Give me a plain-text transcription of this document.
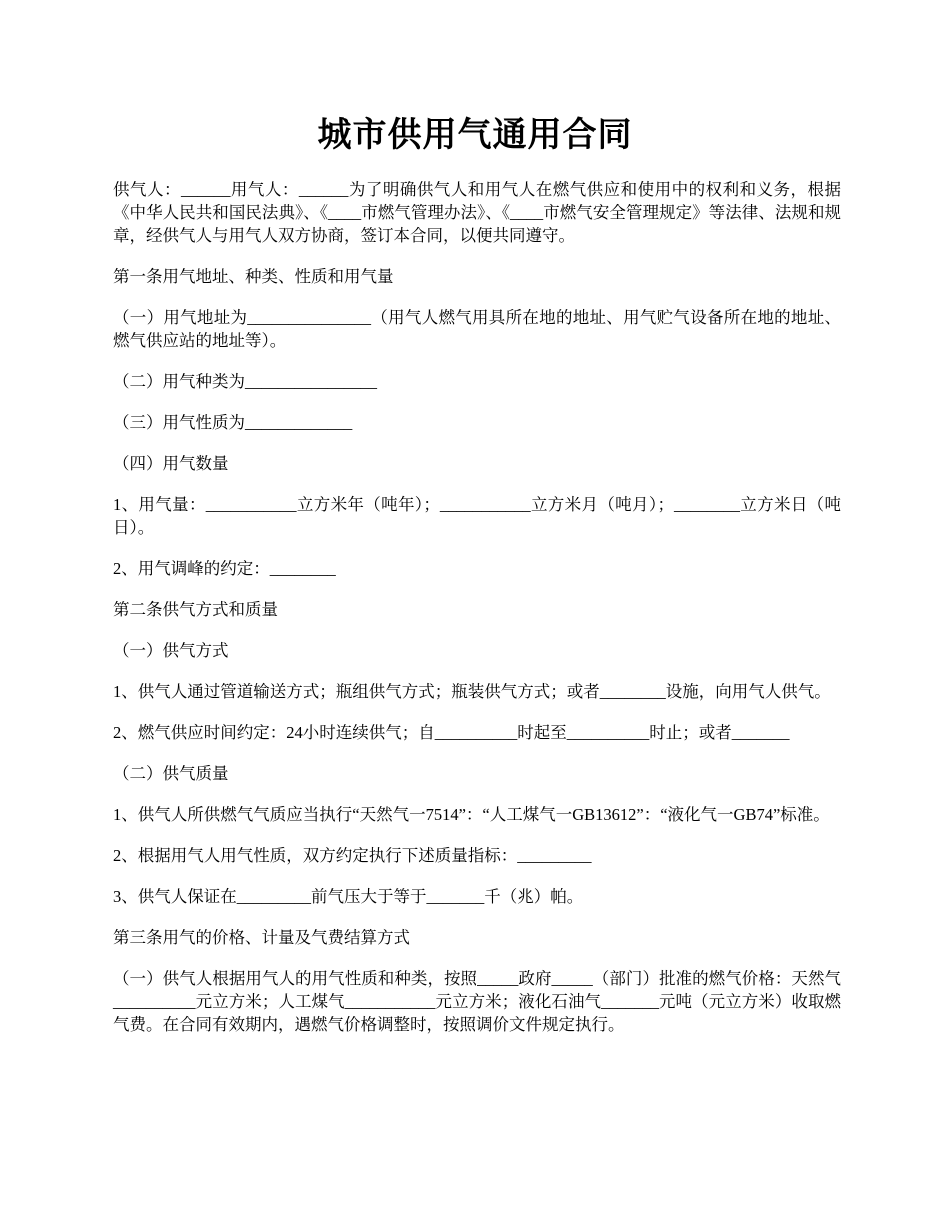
城市供用气通用合同

供气人：______用气人：______为了明确供气人和用气人在燃气供应和使用中的权利和义务，根据《中华人民共和国民法典》、《____市燃气管理办法》、《____市燃气安全管理规定》等法律、法规和规章，经供气人与用气人双方协商，签订本合同，以便共同遵守。

第一条用气地址、种类、性质和用气量

（一）用气地址为_______________（用气人燃气用具所在地的地址、用气贮气设备所在地的地址、燃气供应站的地址等）。

（二）用气种类为________________

（三）用气性质为_____________

（四）用气数量

1、用气量：___________立方米年（吨年）；___________立方米月（吨月）；________立方米日（吨日）。

2、用气调峰的约定：________

第二条供气方式和质量

（一）供气方式

1、供气人通过管道输送方式；瓶组供气方式；瓶装供气方式；或者________设施，向用气人供气。

2、燃气供应时间约定：24小时连续供气；自__________时起至__________时止；或者_______

（二）供气质量

1、供气人所供燃气气质应当执行“天然气一7514”：“人工煤气一GB13612”：“液化气一GB74”标准。

2、根据用气人用气性质，双方约定执行下述质量指标：_________

3、供气人保证在_________前气压大于等于_______千（兆）帕。

第三条用气的价格、计量及气费结算方式

（一）供气人根据用气人的用气性质和种类，按照_____政府_____（部门）批准的燃气价格：天然气__________元立方米；人工煤气___________元立方米；液化石油气_______元吨（元立方米）收取燃气费。在合同有效期内，遇燃气价格调整时，按照调价文件规定执行。
